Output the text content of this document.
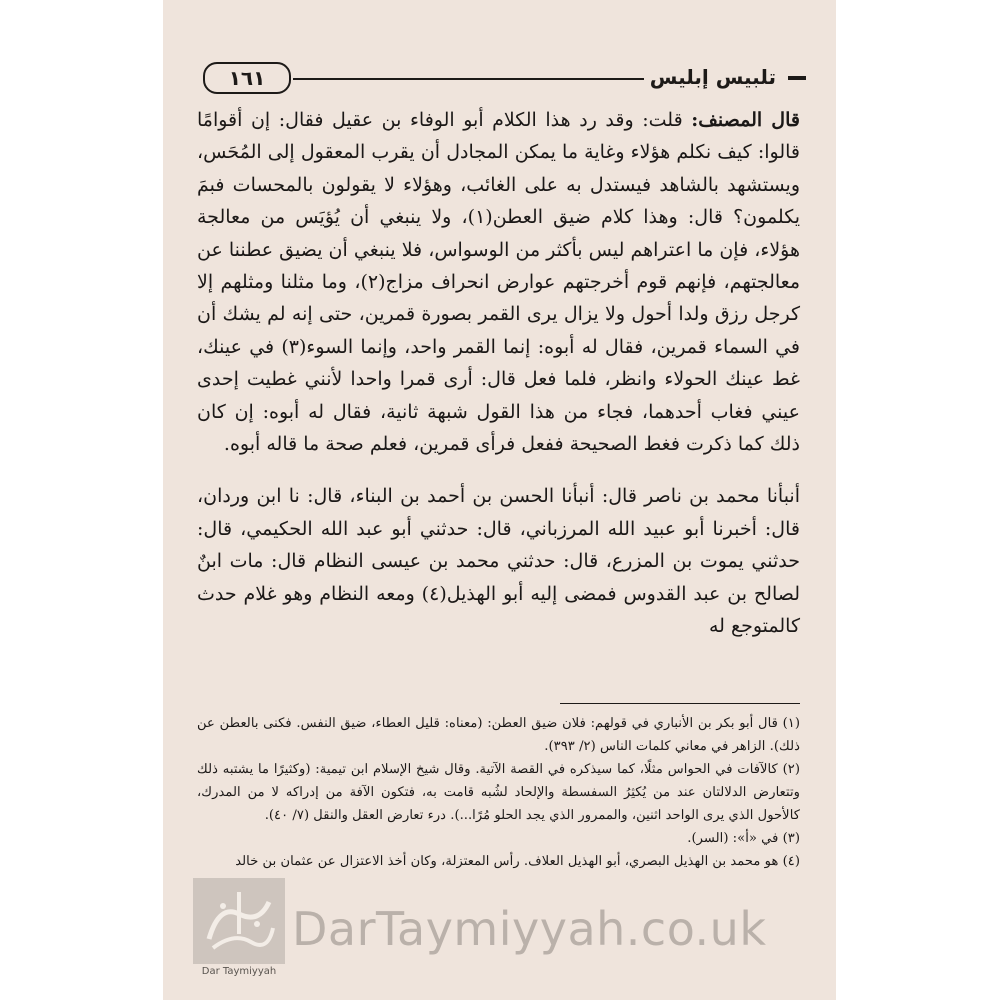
تلبيس إبليس
١٦١

قال المصنف: قلت: وقد رد هذا الكلام أبو الوفاء بن عقيل فقال: إن أقوامًا قالوا: كيف نكلم هؤلاء وغاية ما يمكن المجادل أن يقرب المعقول إلى المُحَس، ويستشهد بالشاهد فيستدل به على الغائب، وهؤلاء لا يقولون بالمحسات فبمَ يكلمون؟ قال: وهذا كلام ضيق العطن(١)، ولا ينبغي أن يُؤيَس من معالجة هؤلاء، فإن ما اعتراهم ليس بأكثر من الوسواس، فلا ينبغي أن يضيق عطننا عن معالجتهم، فإنهم قوم أخرجتهم عوارض انحراف مزاج(٢)، وما مثلنا ومثلهم إلا كرجل رزق ولدا أحول ولا يزال يرى القمر بصورة قمرين، حتى إنه لم يشك أن في السماء قمرين، فقال له أبوه: إنما القمر واحد، وإنما السوء(٣) في عينك، غط عينك الحولاء وانظر، فلما فعل قال: أرى قمرا واحدا لأنني غطيت إحدى عيني فغاب أحدهما، فجاء من هذا القول شبهة ثانية، فقال له أبوه: إن كان ذلك كما ذكرت فغط الصحيحة ففعل فرأى قمرين، فعلم صحة ما قاله أبوه.

أنبأنا محمد بن ناصر قال: أنبأنا الحسن بن أحمد بن البناء، قال: نا ابن وردان، قال: أخبرنا أبو عبيد الله المرزباني، قال: حدثني أبو عبد الله الحكيمي، قال: حدثني يموت بن المزرع، قال: حدثني محمد بن عيسى النظام قال: مات ابنٌ لصالح بن عبد القدوس فمضى إليه أبو الهذيل(٤) ومعه النظام وهو غلام حدث كالمتوجع له

(١) قال أبو بكر بن الأنباري في قولهم: فلان ضيق العطن: (معناه: قليل العطاء، ضيق النفس. فكنى بالعطن عن ذلك). الزاهر في معاني كلمات الناس (٢/ ٣٩٣).

(٢) كالآفات في الحواس مثلًا، كما سيذكره في القصة الآتية. وقال شيخ الإسلام ابن تيمية: (وكثيرًا ما يشتبه ذلك وتتعارض الدلالتان عند من يُكثِرُ السفسطة والإلحاد لشُبه قامت به، فتكون الآفة من إدراكه لا من المدرك، كالأحول الذي يرى الواحد اثنين، والممرور الذي يجد الحلو مُرًا...). درء تعارض العقل والنقل (٧/ ٤٠).

(٣) في «أ»: (السر).

(٤) هو محمد بن الهذيل البصري، أبو الهذيل العلاف. رأس المعتزلة، وكان أخذ الاعتزال عن عثمان بن خالد

Dar Taymiyyah
DarTaymiyyah.co.uk
